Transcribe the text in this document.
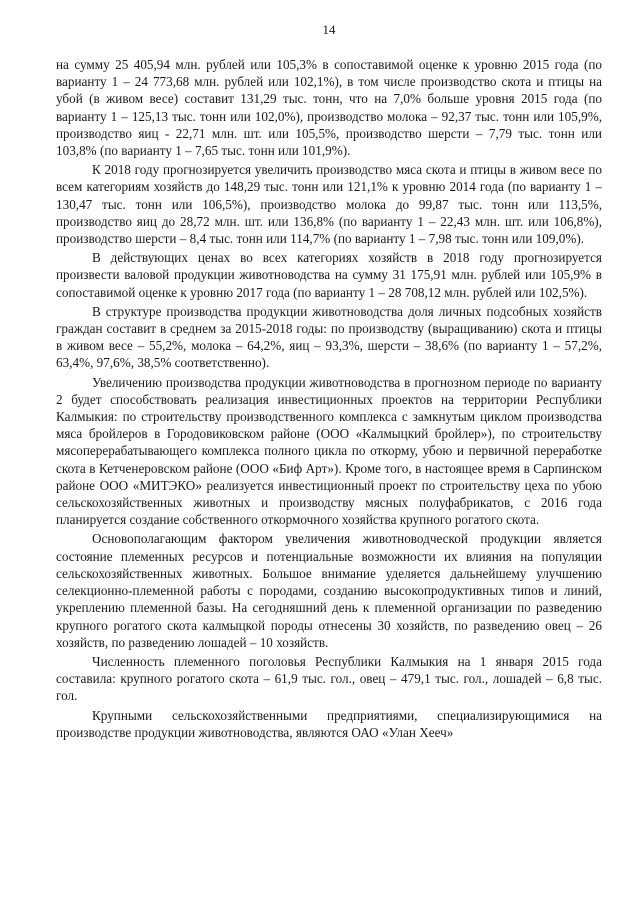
14

на сумму 25 405,94 млн. рублей или 105,3% в сопоставимой оценке к уровню 2015 года (по варианту 1 – 24 773,68 млн. рублей или 102,1%), в том числе производство скота и птицы на убой (в живом весе) составит 131,29 тыс. тонн, что на 7,0% больше уровня 2015 года (по варианту 1 – 125,13 тыс. тонн или 102,0%), производство молока – 92,37 тыс. тонн или 105,9%, производство яиц - 22,71 млн. шт. или 105,5%, производство шерсти – 7,79 тыс. тонн или 103,8% (по варианту 1 – 7,65 тыс. тонн или 101,9%).

К 2018 году прогнозируется увеличить производство мяса скота и птицы в живом весе по всем категориям хозяйств до 148,29 тыс. тонн или 121,1% к уровню 2014 года (по варианту 1 – 130,47 тыс. тонн или 106,5%), производство молока до 99,87 тыс. тонн или 113,5%, производство яиц до 28,72 млн. шт. или 136,8% (по варианту 1 – 22,43 млн. шт. или 106,8%), производство шерсти – 8,4 тыс. тонн или 114,7% (по варианту 1 – 7,98 тыс. тонн или 109,0%).

В действующих ценах во всех категориях хозяйств в 2018 году прогнозируется произвести валовой продукции животноводства на сумму 31 175,91 млн. рублей или 105,9% в сопоставимой оценке к уровню 2017 года (по варианту 1 – 28 708,12 млн. рублей или 102,5%).

В структуре производства продукции животноводства доля личных подсобных хозяйств граждан составит в среднем за 2015-2018 годы: по производству (выращиванию) скота и птицы в живом весе – 55,2%, молока – 64,2%, яиц – 93,3%, шерсти – 38,6% (по варианту 1 – 57,2%, 63,4%, 97,6%, 38,5% соответственно).

Увеличению производства продукции животноводства в прогнозном периоде по варианту 2 будет способствовать реализация инвестиционных проектов на территории Республики Калмыкия: по строительству производственного комплекса с замкнутым циклом производства мяса бройлеров в Городовиковском районе (ООО «Калмыцкий бройлер»), по строительству мясоперерабатывающего комплекса полного цикла по откорму, убою и первичной переработке скота в Кетченеровском районе (ООО «Биф Арт»). Кроме того, в настоящее время в Сарпинском районе ООО «МИТЭКО» реализуется инвестиционный проект по строительству цеха по убою сельскохозяйственных животных и производству мясных полуфабрикатов, с 2016 года планируется создание собственного откормочного хозяйства крупного рогатого скота.

Основополагающим фактором увеличения животноводческой продукции является состояние племенных ресурсов и потенциальные возможности их влияния на популяции сельскохозяйственных животных. Большое внимание уделяется дальнейшему улучшению селекционно-племенной работы с породами, созданию высокопродуктивных типов и линий, укреплению племенной базы. На сегодняшний день к племенной организации по разведению крупного рогатого скота калмыцкой породы отнесены 30 хозяйств, по разведению овец – 26 хозяйств, по разведению лошадей – 10 хозяйств.

Численность племенного поголовья Республики Калмыкия на 1 января 2015 года составила: крупного рогатого скота – 61,9 тыс. гол., овец – 479,1 тыс. гол., лошадей – 6,8 тыс. гол.

Крупными сельскохозяйственными предприятиями, специализирующимися на производстве продукции животноводства, являются ОАО «Улан Хееч»
